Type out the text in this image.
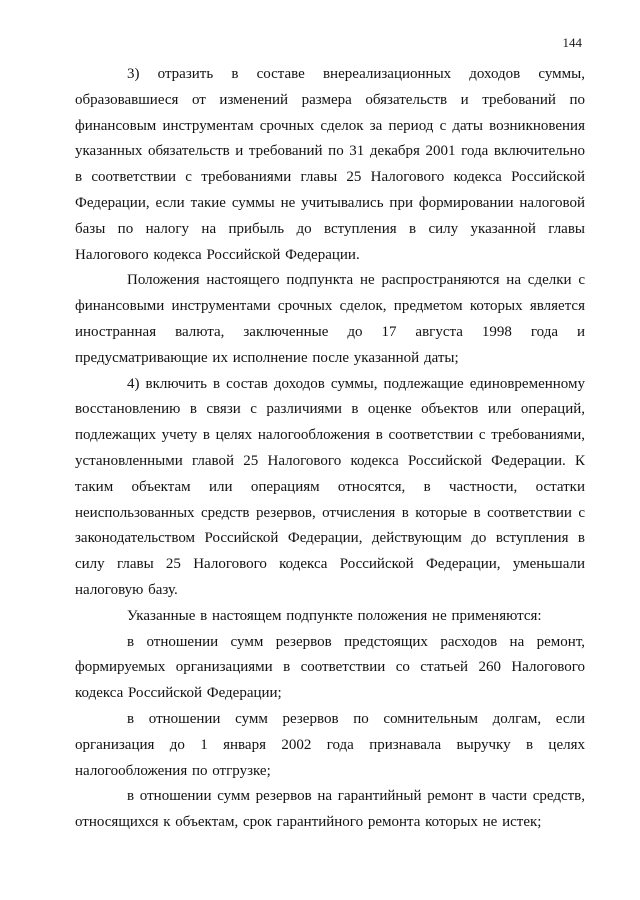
144

3) отразить в составе внереализационных доходов суммы, образовавшиеся от изменений размера обязательств и требований по финансовым инструментам срочных сделок за период с даты возникновения указанных обязательств и требований по 31 декабря 2001 года включительно в соответствии с требованиями главы 25 Налогового кодекса Российской Федерации, если такие суммы не учитывались при формировании налоговой базы по налогу на прибыль до вступления в силу указанной главы Налогового кодекса Российской Федерации.

Положения настоящего подпункта не распространяются на сделки с финансовыми инструментами срочных сделок, предметом которых является иностранная валюта, заключенные до 17 августа 1998 года и предусматривающие их исполнение после указанной даты;

4) включить в состав доходов суммы, подлежащие единовременному восстановлению в связи с различиями в оценке объектов или операций, подлежащих учету в целях налогообложения в соответствии с требованиями, установленными главой 25 Налогового кодекса Российской Федерации. К таким объектам или операциям относятся, в частности, остатки неиспользованных средств резервов, отчисления в которые в соответствии с законодательством Российской Федерации, действующим до вступления в силу главы 25 Налогового кодекса Российской Федерации, уменьшали налоговую базу.

Указанные в настоящем подпункте положения не применяются:

в отношении сумм резервов предстоящих расходов на ремонт, формируемых организациями в соответствии со статьей 260 Налогового кодекса Российской Федерации;

в отношении сумм резервов по сомнительным долгам, если организация до 1 января 2002 года признавала выручку в целях налогообложения по отгрузке;

в отношении сумм резервов на гарантийный ремонт в части средств, относящихся к объектам, срок гарантийного ремонта которых не истек;
